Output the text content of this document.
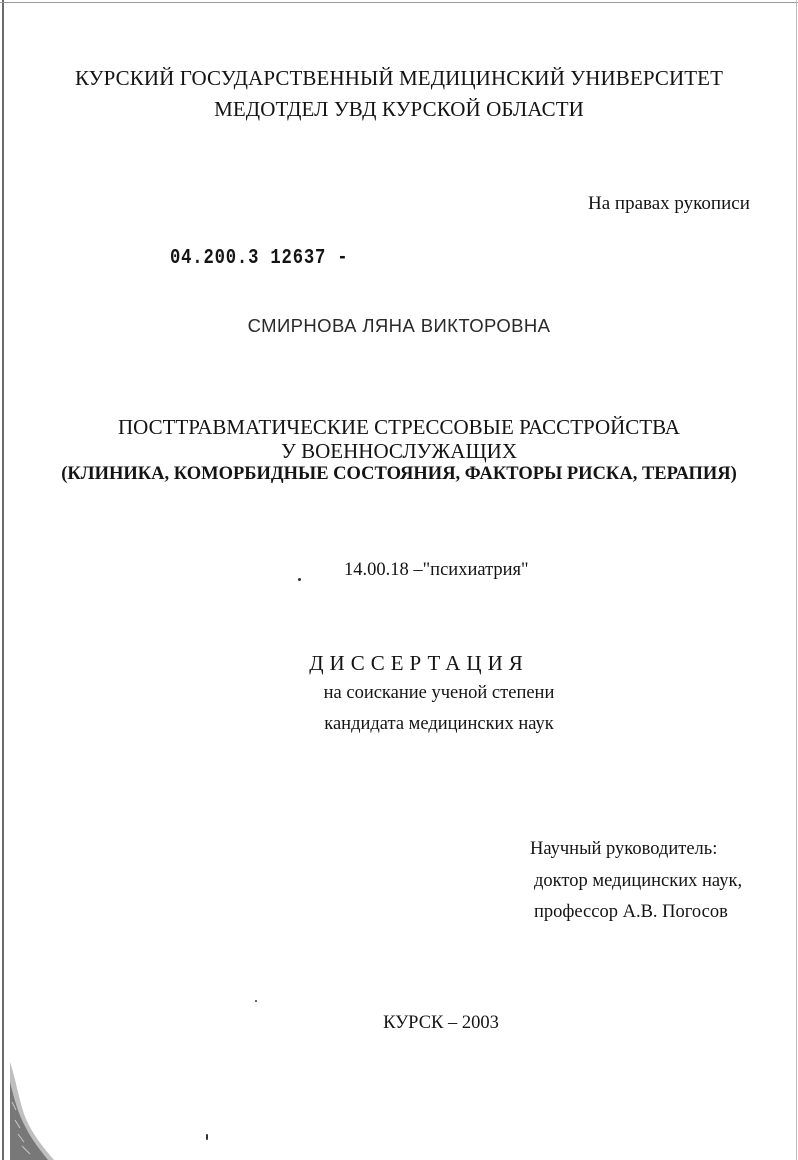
КУРСКИЙ ГОСУДАРСТВЕННЫЙ МЕДИЦИНСКИЙ УНИВЕРСИТЕТ
МЕДОТДЕЛ УВД КУРСКОЙ ОБЛАСТИ
На правах рукописи
04.200.3 12637 -
СМИРНОВА ЛЯНА ВИКТОРОВНА
ПОСТТРАВМАТИЧЕСКИЕ СТРЕССОВЫЕ РАССТРОЙСТВА
У ВОЕННОСЛУЖАЩИХ
(КЛИНИКА, КОМОРБИДНЫЕ СОСТОЯНИЯ, ФАКТОРЫ РИСКА, ТЕРАПИЯ)
14.00.18 –"психиатрия"
ДИССЕРТАЦИЯ
на соискание ученой степени
кандидата медицинских наук
Научный руководитель:
доктор медицинских наук,
профессор А.В. Погосов
КУРСК – 2003
